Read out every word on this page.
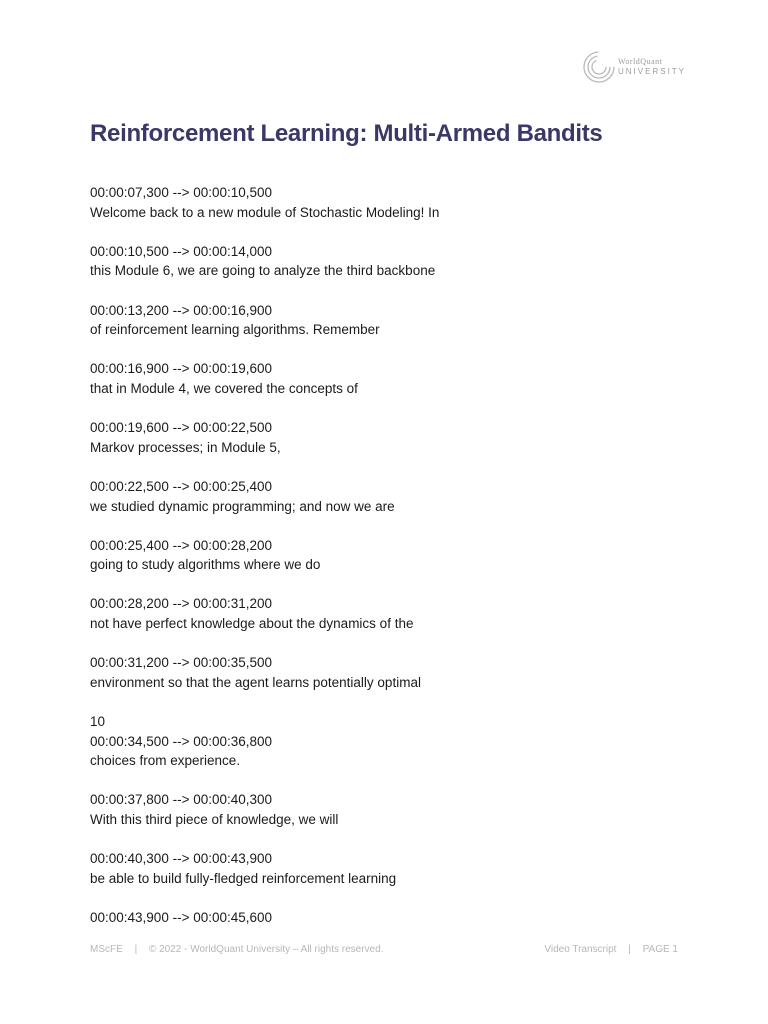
WorldQuant
UNIVERSITY
Reinforcement Learning: Multi-Armed Bandits
00:00:07,300 --> 00:00:10,500
Welcome back to a new module of Stochastic Modeling! In
00:00:10,500 --> 00:00:14,000
this Module 6, we are going to analyze the third backbone
00:00:13,200 --> 00:00:16,900
of reinforcement learning algorithms. Remember
00:00:16,900 --> 00:00:19,600
that in Module 4, we covered the concepts of
00:00:19,600 --> 00:00:22,500
Markov processes; in Module 5,
00:00:22,500 --> 00:00:25,400
we studied dynamic programming; and now we are
00:00:25,400 --> 00:00:28,200
going to study algorithms where we do
00:00:28,200 --> 00:00:31,200
not have perfect knowledge about the dynamics of the
00:00:31,200 --> 00:00:35,500
environment so that the agent learns potentially optimal
10
00:00:34,500 --> 00:00:36,800
choices from experience.
00:00:37,800 --> 00:00:40,300
With this third piece of knowledge, we will
00:00:40,300 --> 00:00:43,900
be able to build fully-fledged reinforcement learning
00:00:43,900 --> 00:00:45,600
MScFE | © 2022 - WorldQuant University – All rights reserved.	Video Transcript | PAGE 1
